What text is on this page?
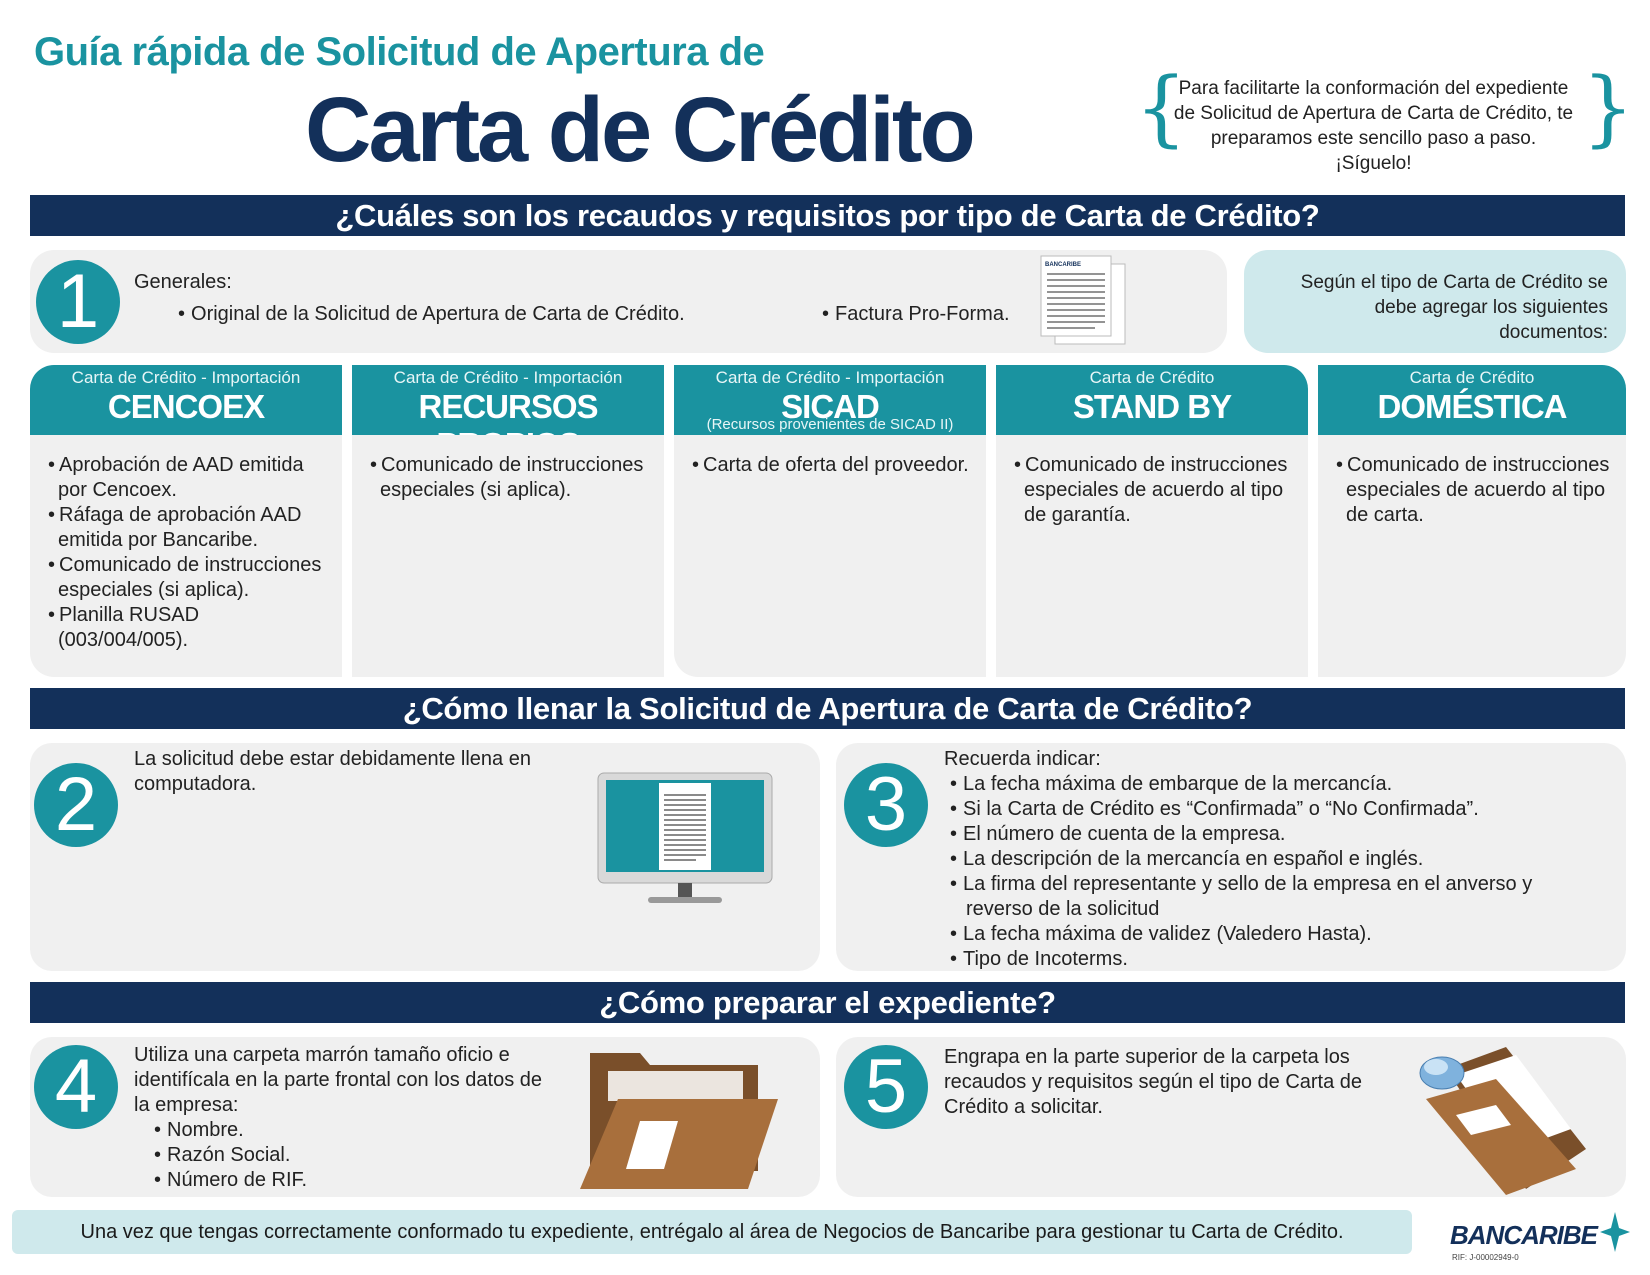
Guía rápida de Solicitud de Apertura de
Carta de Crédito {
Para facilitarte la conformación del expediente de Solicitud de Apertura de Carta de Crédito, te preparamos este sencillo paso a paso. ¡Síguelo!
}
¿Cuáles son los recaudos y requisitos por tipo de Carta de Crédito?
1	Generales:
• Original de la Solicitud de Apertura de Carta de Crédito.	• Factura Pro-Forma.
BANCARIBE
Según el tipo de Carta de Crédito se debe agregar los siguientes documentos:
Carta de Crédito - Importación
CENCOEX
• Aprobación de AAD emitida por Cencoex.
• Ráfaga de aprobación AAD emitida por Bancaribe.
• Comunicado de instrucciones especiales (si aplica).
• Planilla RUSAD (003/004/005).
Carta de Crédito - Importación
RECURSOS
• Comunicado de instrucciones especiales (si aplica).
Carta de Crédito - Importación
SICAD
(Recursos provenientes de SICAD II)
• Carta de oferta del proveedor.
Carta de Crédito
STAND BY
• Comunicado de instrucciones especiales de acuerdo al tipo de garantía.
Carta de Crédito
DOMÉSTICA
• Comunicado de instrucciones especiales de acuerdo al tipo de carta.
¿Cómo llenar la Solicitud de Apertura de Carta de Crédito?
2
La solicitud debe estar debidamente llena en computadora.	3
Recuerda indicar:
• La fecha máxima de embarque de la mercancía.
• Si la Carta de Crédito es “Confirmada” o “No Confirmada”.
• El número de cuenta de la empresa.
• La descripción de la mercancía en español e inglés.
• La firma del representante y sello de la empresa en el anverso y reverso de la solicitud
• La fecha máxima de validez (Valedero Hasta).
• Tipo de Incoterms.
¿Cómo preparar el expediente?
4	Utiliza una carpeta marrón tamaño oficio e identifícala en la parte frontal con los datos de la empresa:
• Nombre.
• Razón Social.
• Número de RIF.
5	Engrapa en la parte superior de la carpeta los recaudos y requisitos según el tipo de Carta de Crédito a solicitar.
Una vez que tengas correctamente conformado tu expediente, entrégalo al área de Negocios de Bancaribe para gestionar tu Carta de Crédito.	BANCARIBE
RIF: J-00002949-0
